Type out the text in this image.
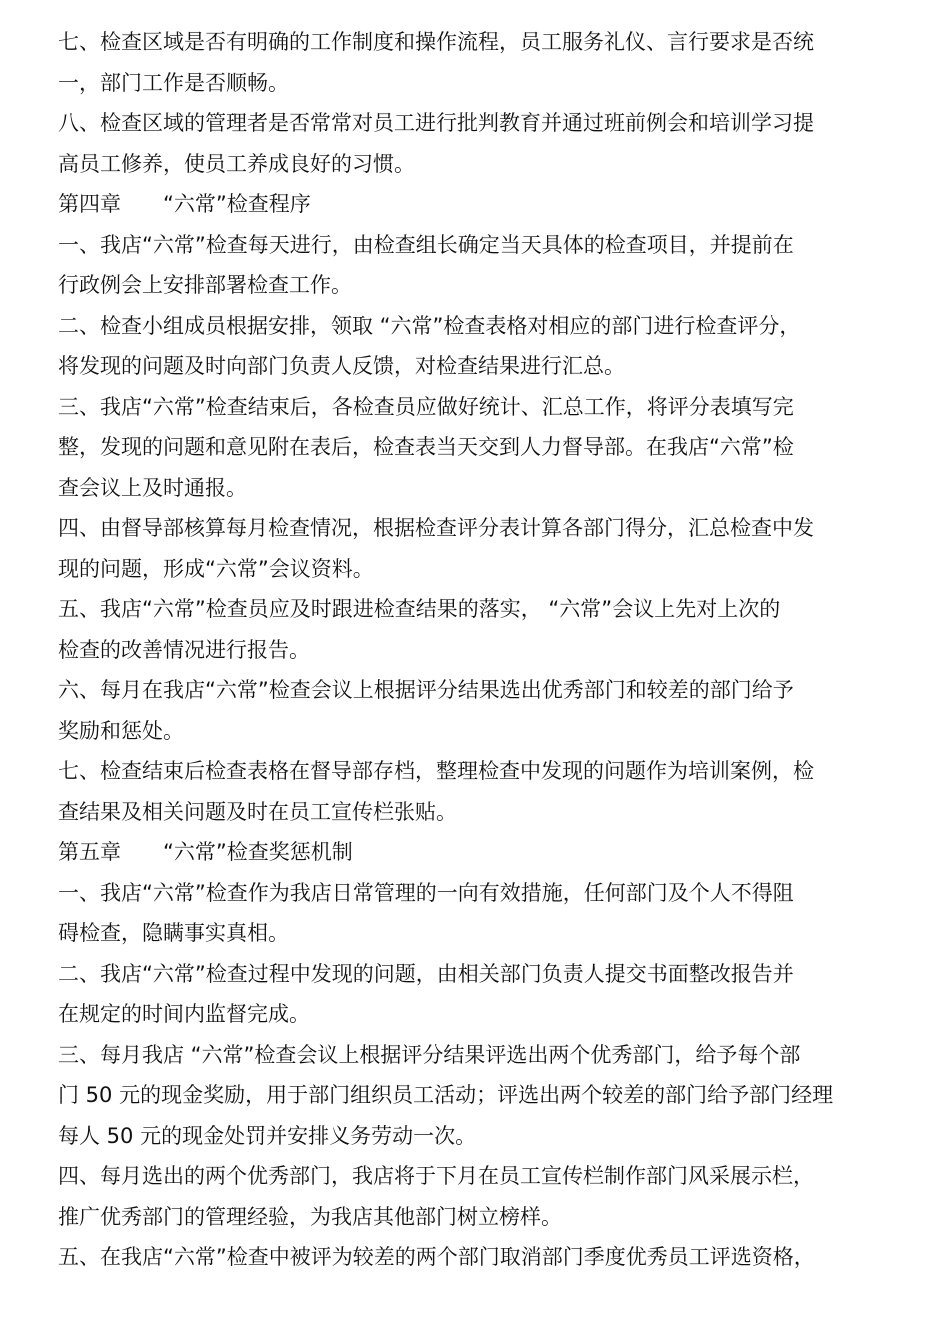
七、检查区域是否有明确的工作制度和操作流程，员工服务礼仪、言行要求是否统
一，部门工作是否顺畅。
八、检查区域的管理者是否常常对员工进行批判教育并通过班前例会和培训学习提
高员工修养，使员工养成良好的习惯。
第四章　　“六常”检查程序
一、我店“六常”检查每天进行，由检查组长确定当天具体的检查项目，并提前在
行政例会上安排部署检查工作。
二、检查小组成员根据安排，领取 “六常”检查表格对相应的部门进行检查评分，
将发现的问题及时向部门负责人反馈，对检查结果进行汇总。
三、我店“六常”检查结束后，各检查员应做好统计、汇总工作，将评分表填写完
整，发现的问题和意见附在表后，检查表当天交到人力督导部。在我店“六常”检
查会议上及时通报。
四、由督导部核算每月检查情况，根据检查评分表计算各部门得分，汇总检查中发
现的问题，形成“六常”会议资料。
五、我店“六常”检查员应及时跟进检查结果的落实， “六常”会议上先对上次的
检查的改善情况进行报告。
六、每月在我店“六常”检查会议上根据评分结果选出优秀部门和较差的部门给予
奖励和惩处。
七、检查结束后检查表格在督导部存档，整理检查中发现的问题作为培训案例，检
查结果及相关问题及时在员工宣传栏张贴。
第五章　　“六常”检查奖惩机制
一、我店“六常”检查作为我店日常管理的一向有效措施，任何部门及个人不得阻
碍检查，隐瞒事实真相。
二、我店“六常”检查过程中发现的问题，由相关部门负责人提交书面整改报告并
在规定的时间内监督完成。
三、每月我店 “六常”检查会议上根据评分结果评选出两个优秀部门，给予每个部
门 50 元的现金奖励，用于部门组织员工活动；评选出两个较差的部门给予部门经理
每人 50 元的现金处罚并安排义务劳动一次。
四、每月选出的两个优秀部门，我店将于下月在员工宣传栏制作部门风采展示栏，
推广优秀部门的管理经验，为我店其他部门树立榜样。
五、在我店“六常”检查中被评为较差的两个部门取消部门季度优秀员工评选资格，
